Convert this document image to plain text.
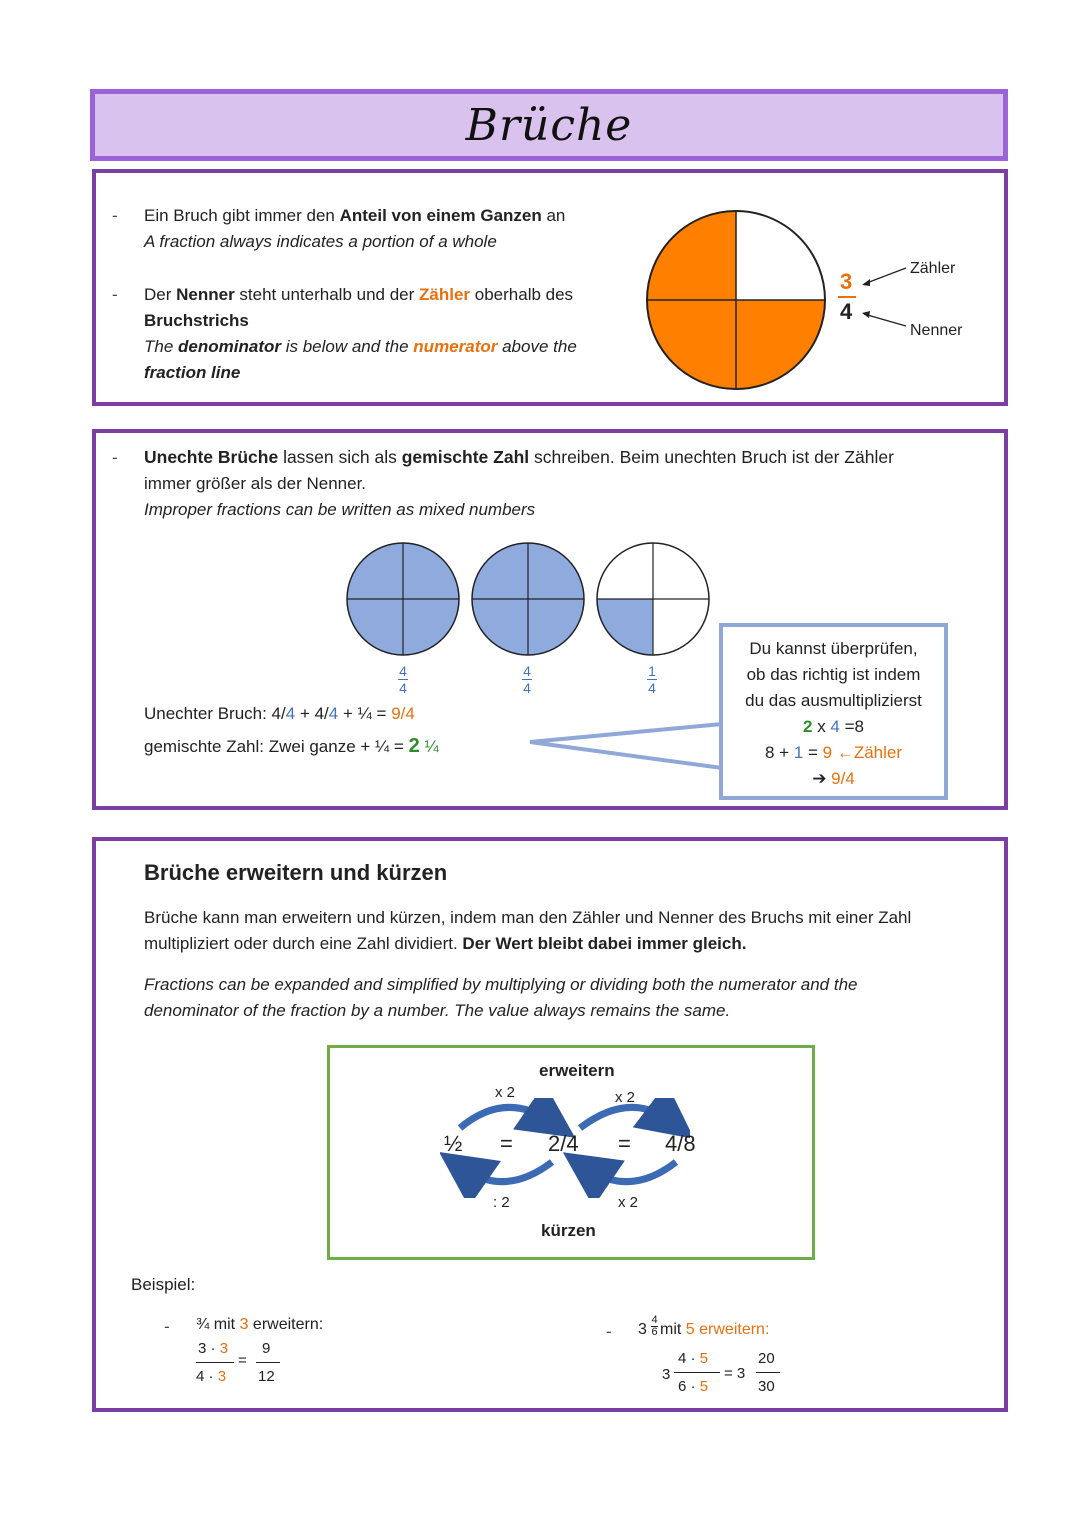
Brüche
- Ein Bruch gibt immer den Anteil von einem Ganzen an
A fraction always indicates a portion of a whole
- Der Nenner steht unterhalb und der Zähler oberhalb des
Bruchstrichs
The denominator is below and the numerator above the
fraction line
3
4
Zähler
Nenner
- Unechte Brüche lassen sich als gemischte Zahl schreiben. Beim unechten Bruch ist der Zähler
immer größer als der Nenner.
Improper fractions can be written as mixed numbers
4
4
4
4
1
4
Unechter Bruch: 4/4 + 4/4 + ¼ = 9/4
gemischte Zahl: Zwei ganze + ¼ = 2 ¼
Du kannst überprüfen,
ob das richtig ist indem
du das ausmultiplizierst
2 x 4 =8
8 + 1 = 9 ←Zähler
➔ 9/4
Brüche erweitern und kürzen
Brüche kann man erweitern und kürzen, indem man den Zähler und Nenner des Bruchs mit einer Zahl
multipliziert oder durch eine Zahl dividiert. Der Wert bleibt dabei immer gleich.
Fractions can be expanded and simplified by multiplying or dividing both the numerator and the
denominator of the fraction by a number. The value always remains the same.
erweitern
x 2	x 2
½ = 2/4 = 4/8
: 2	x 2
kürzen
Beispiel:
- ¾ mit 3 erweitern:
3 · 3
4 · 3
=
9
12
- 3
4
6 mit 5 erweitern:
3
4 · 5
6 · 5
= 3
20
30
